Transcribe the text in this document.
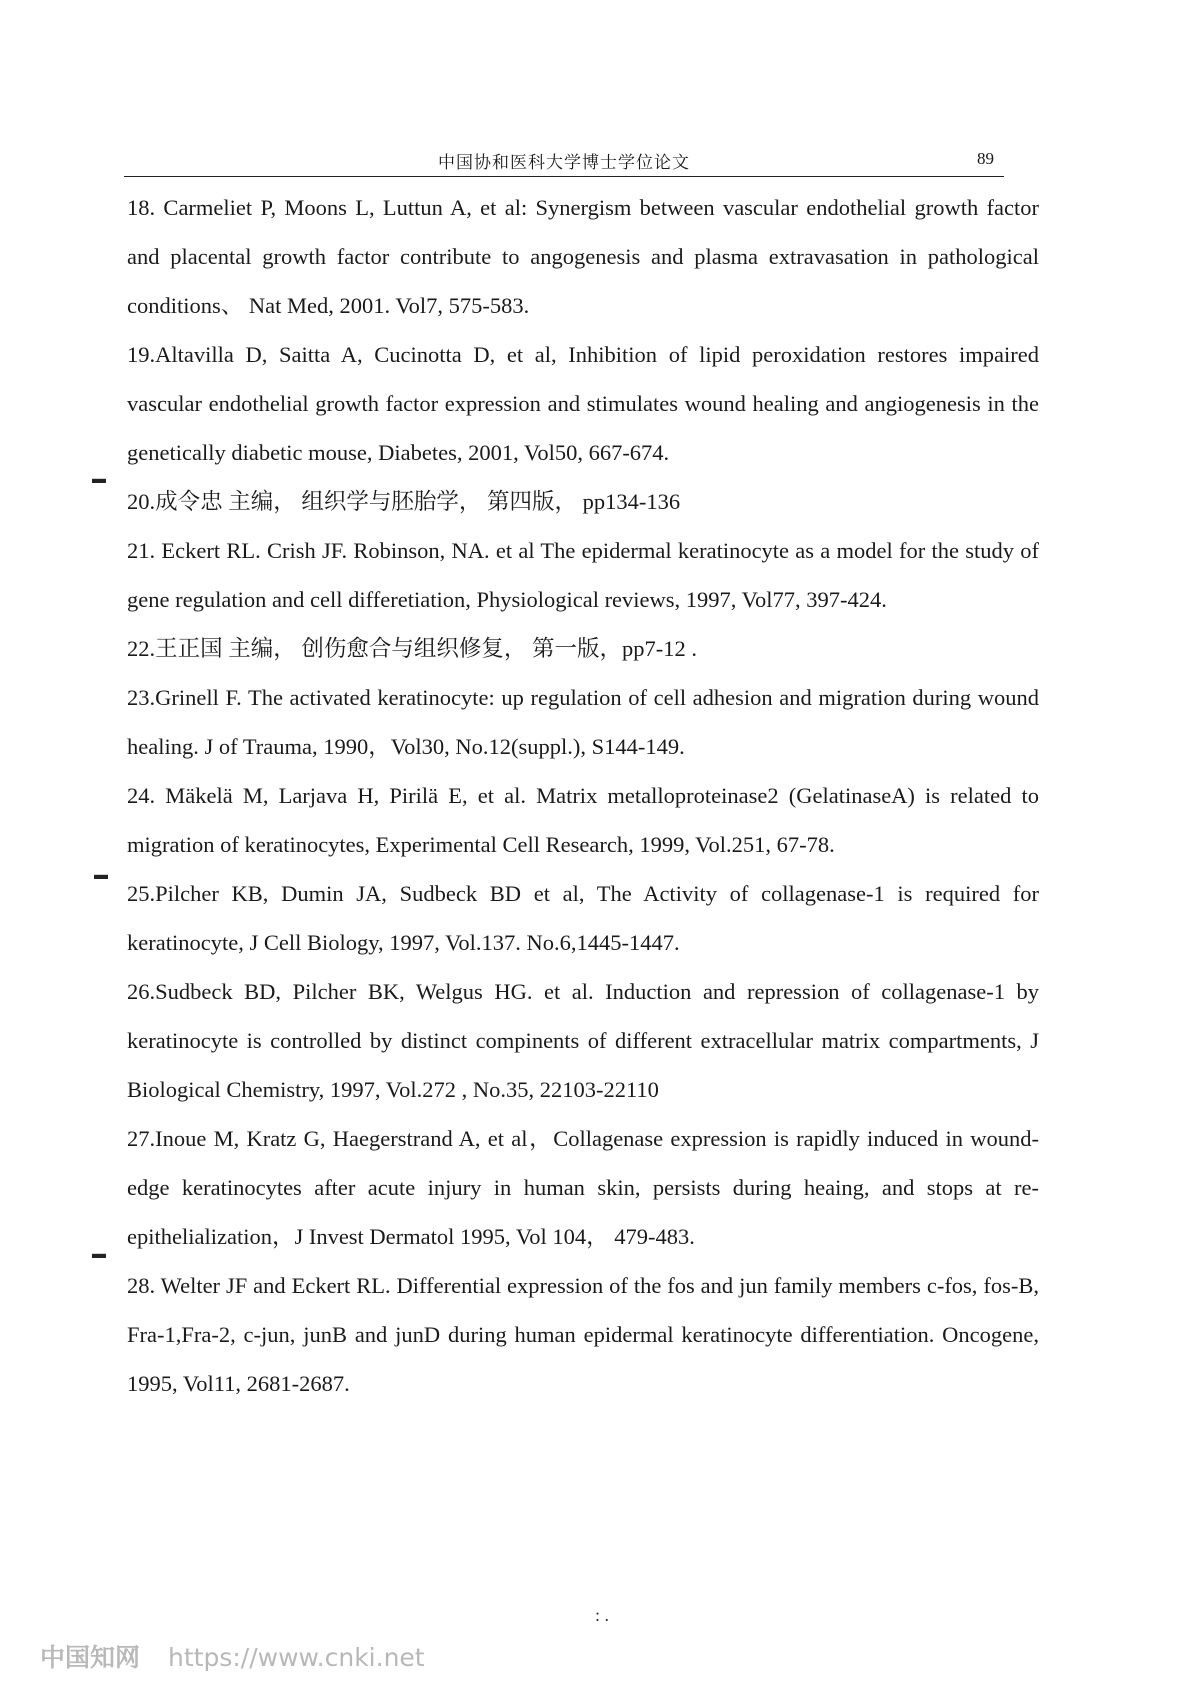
中国协和医科大学博士学位论文	89

18. Carmeliet P, Moons L, Luttun A, et al: Synergism between vascular endothelial growth factor and placental growth factor contribute to angogenesis and plasma extravasation in pathological conditions、 Nat Med, 2001. Vol7, 575-583.

19.Altavilla D, Saitta A, Cucinotta D, et al, Inhibition of lipid peroxidation restores impaired vascular endothelial growth factor expression and stimulates wound healing and angiogenesis in the genetically diabetic mouse, Diabetes, 2001, Vol50, 667-674.

20.成令忠 主编， 组织学与胚胎学， 第四版， pp134-136

21. Eckert RL. Crish JF. Robinson, NA. et al The epidermal keratinocyte as a model for the study of gene regulation and cell differetiation, Physiological reviews, 1997, Vol77, 397-424.

22.王正国 主编， 创伤愈合与组织修复， 第一版，pp7-12 .

23.Grinell F. The activated keratinocyte: up regulation of cell adhesion and migration during wound healing. J of Trauma, 1990，Vol30, No.12(suppl.), S144-149.

24. Mäkelä M, Larjava H, Pirilä E, et al. Matrix metalloproteinase2 (GelatinaseA) is related to migration of keratinocytes, Experimental Cell Research, 1999, Vol.251, 67-78.

25.Pilcher KB, Dumin JA, Sudbeck BD et al, The Activity of collagenase-1 is required for keratinocyte, J Cell Biology, 1997, Vol.137. No.6,1445-1447.

26.Sudbeck BD, Pilcher BK, Welgus HG. et al. Induction and repression of collagenase-1 by keratinocyte is controlled by distinct compinents of different extracellular matrix compartments, J Biological Chemistry, 1997, Vol.272 , No.35, 22103-22110

27.Inoue M, Kratz G, Haegerstrand A, et al，Collagenase expression is rapidly induced in wound-edge keratinocytes after acute injury in human skin, persists during heaing, and stops at re-epithelialization，J Invest Dermatol 1995, Vol 104， 479-483.

28. Welter JF and Eckert RL. Differential expression of the fos and jun family members c-fos, fos-B, Fra-1,Fra-2, c-jun, junB and junD during human epidermal keratinocyte differentiation. Oncogene, 1995, Vol11, 2681-2687.

▬
▬
▬
: .
中国知网 https://www.cnki.net
